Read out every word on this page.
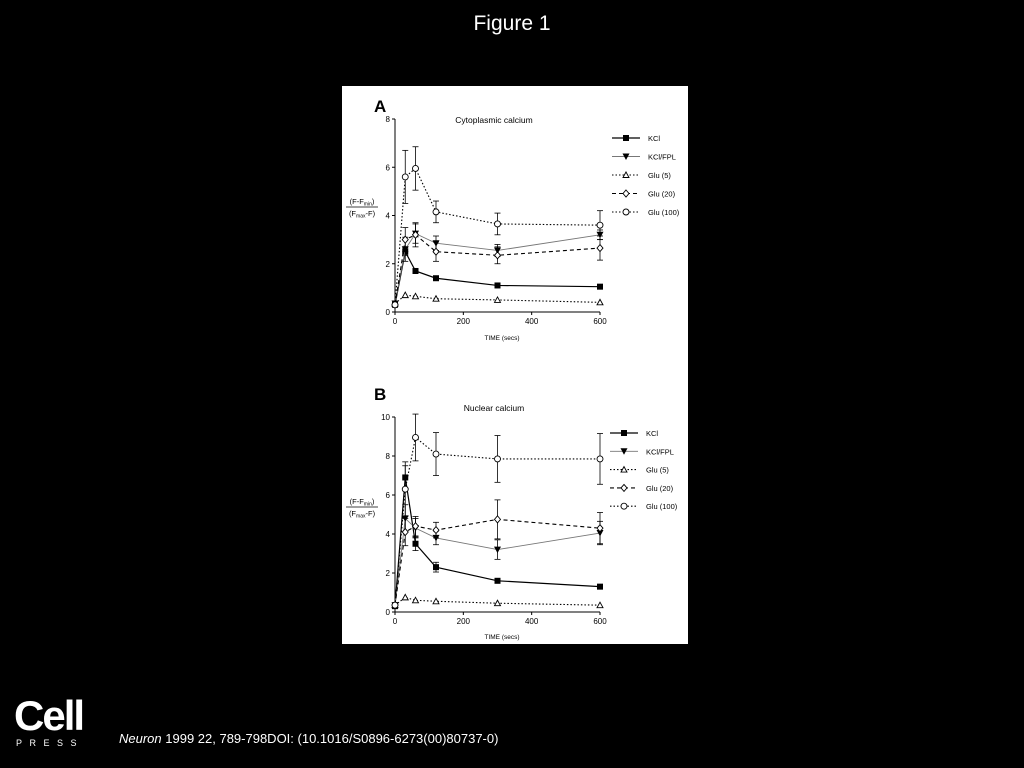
Figure 1
A
Cytoplasmic calcium
0
2
4
6
8
0	200	400	600
TIME (secs)
$(F-F_{min})$
$(F_{max}-F)$
KCl
KCl/FPL
Glu (5)
Glu (20)
Glu (100)
B
Nuclear calcium
0
2
4
6
8
10
0	200	400	600
TIME (secs)
$(F-F_{min})$
$(F_{max}-F)$
KCl
KCl/FPL
Glu (5)
Glu (20)
Glu (100)
Cell
PRESS	Neuron 1999 22, 789-798DOI: (10.1016/S0896-6273(00)80737-0)
